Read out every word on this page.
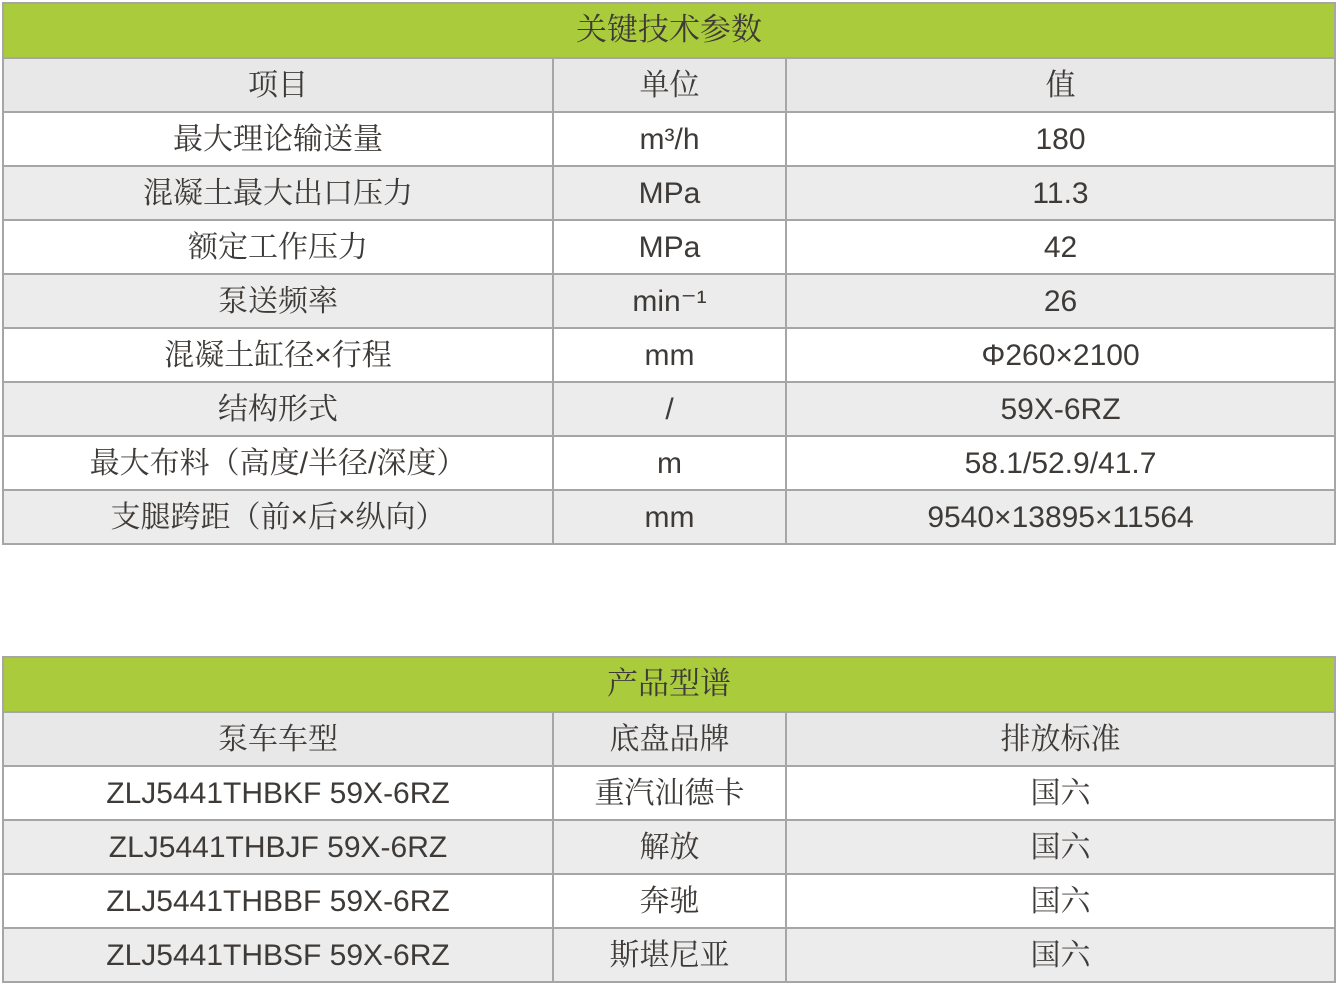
关键技术参数		
项目	单位	值
最大理论输送量	m³/h	180
混凝土最大出口压力	MPa	11.3
额定工作压力	MPa	42
泵送频率	min⁻¹	26
混凝土缸径×行程	mm	Φ260×2100
结构形式	/	59X-6RZ
最大布料（高度/半径/深度）	m	58.1/52.9/41.7
支腿跨距（前×后×纵向）	mm	9540×13895×11564
产品型谱		
泵车车型	底盘品牌	排放标准
ZLJ5441THBKF 59X-6RZ	重汽汕德卡	国六
ZLJ5441THBJF 59X-6RZ	解放	国六
ZLJ5441THBBF 59X-6RZ	奔驰	国六
ZLJ5441THBSF 59X-6RZ	斯堪尼亚	国六
